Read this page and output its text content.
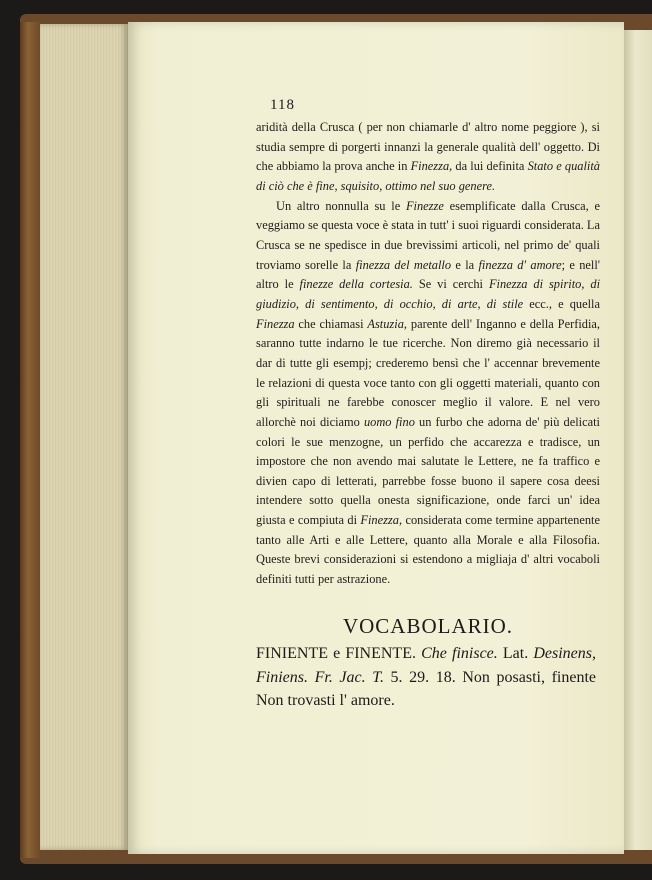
118

aridità della Crusca ( per non chiamarle d' altro nome peggiore ), si studia sempre di porgerti innanzi la generale qualità dell' oggetto. Di che abbiamo la prova anche in Finezza, da lui definita Stato e qualità di ciò che è fine, squisito, ottimo nel suo genere.

Un altro nonnulla su le Finezze esemplificate dalla Crusca, e veggiamo se questa voce è stata in tutt' i suoi riguardi considerata. La Crusca se ne spedisce in due brevissimi articoli, nel primo de' quali troviamo sorelle la finezza del metallo e la finezza d' amore; e nell' altro le finezze della cortesia. Se vi cerchi Finezza di spirito, di giudizio, di sentimento, di occhio, di arte, di stile ecc., e quella Finezza che chiamasi Astuzia, parente dell' Inganno e della Perfidia, saranno tutte indarno le tue ricerche. Non diremo già necessario il dar di tutte gli esempj; crederemo bensì che l' accennar brevemente le relazioni di questa voce tanto con gli oggetti materiali, quanto con gli spirituali ne farebbe conoscer meglio il valore. E nel vero allorchè noi diciamo uomo fino un furbo che adorna de' più delicati colori le sue menzogne, un perfido che accarezza e tradisce, un impostore che non avendo mai salutate le Lettere, ne fa traffico e divien capo di letterati, parrebbe fosse buono il sapere cosa deesi intendere sotto quella onesta significazione, onde farci un' idea giusta e compiuta di Finezza, considerata come termine appartenente tanto alle Arti e alle Lettere, quanto alla Morale e alla Filosofia. Queste brevi considerazioni si estendono a migliaja d' altri vocaboli definiti tutti per astrazione.

VOCABOLARIO.
FINIENTE e FINENTE. Che finisce. Lat. Desinens, Finiens. Fr. Jac. T. 5. 29. 18. Non posasti, finente Non trovasti l' amore.
